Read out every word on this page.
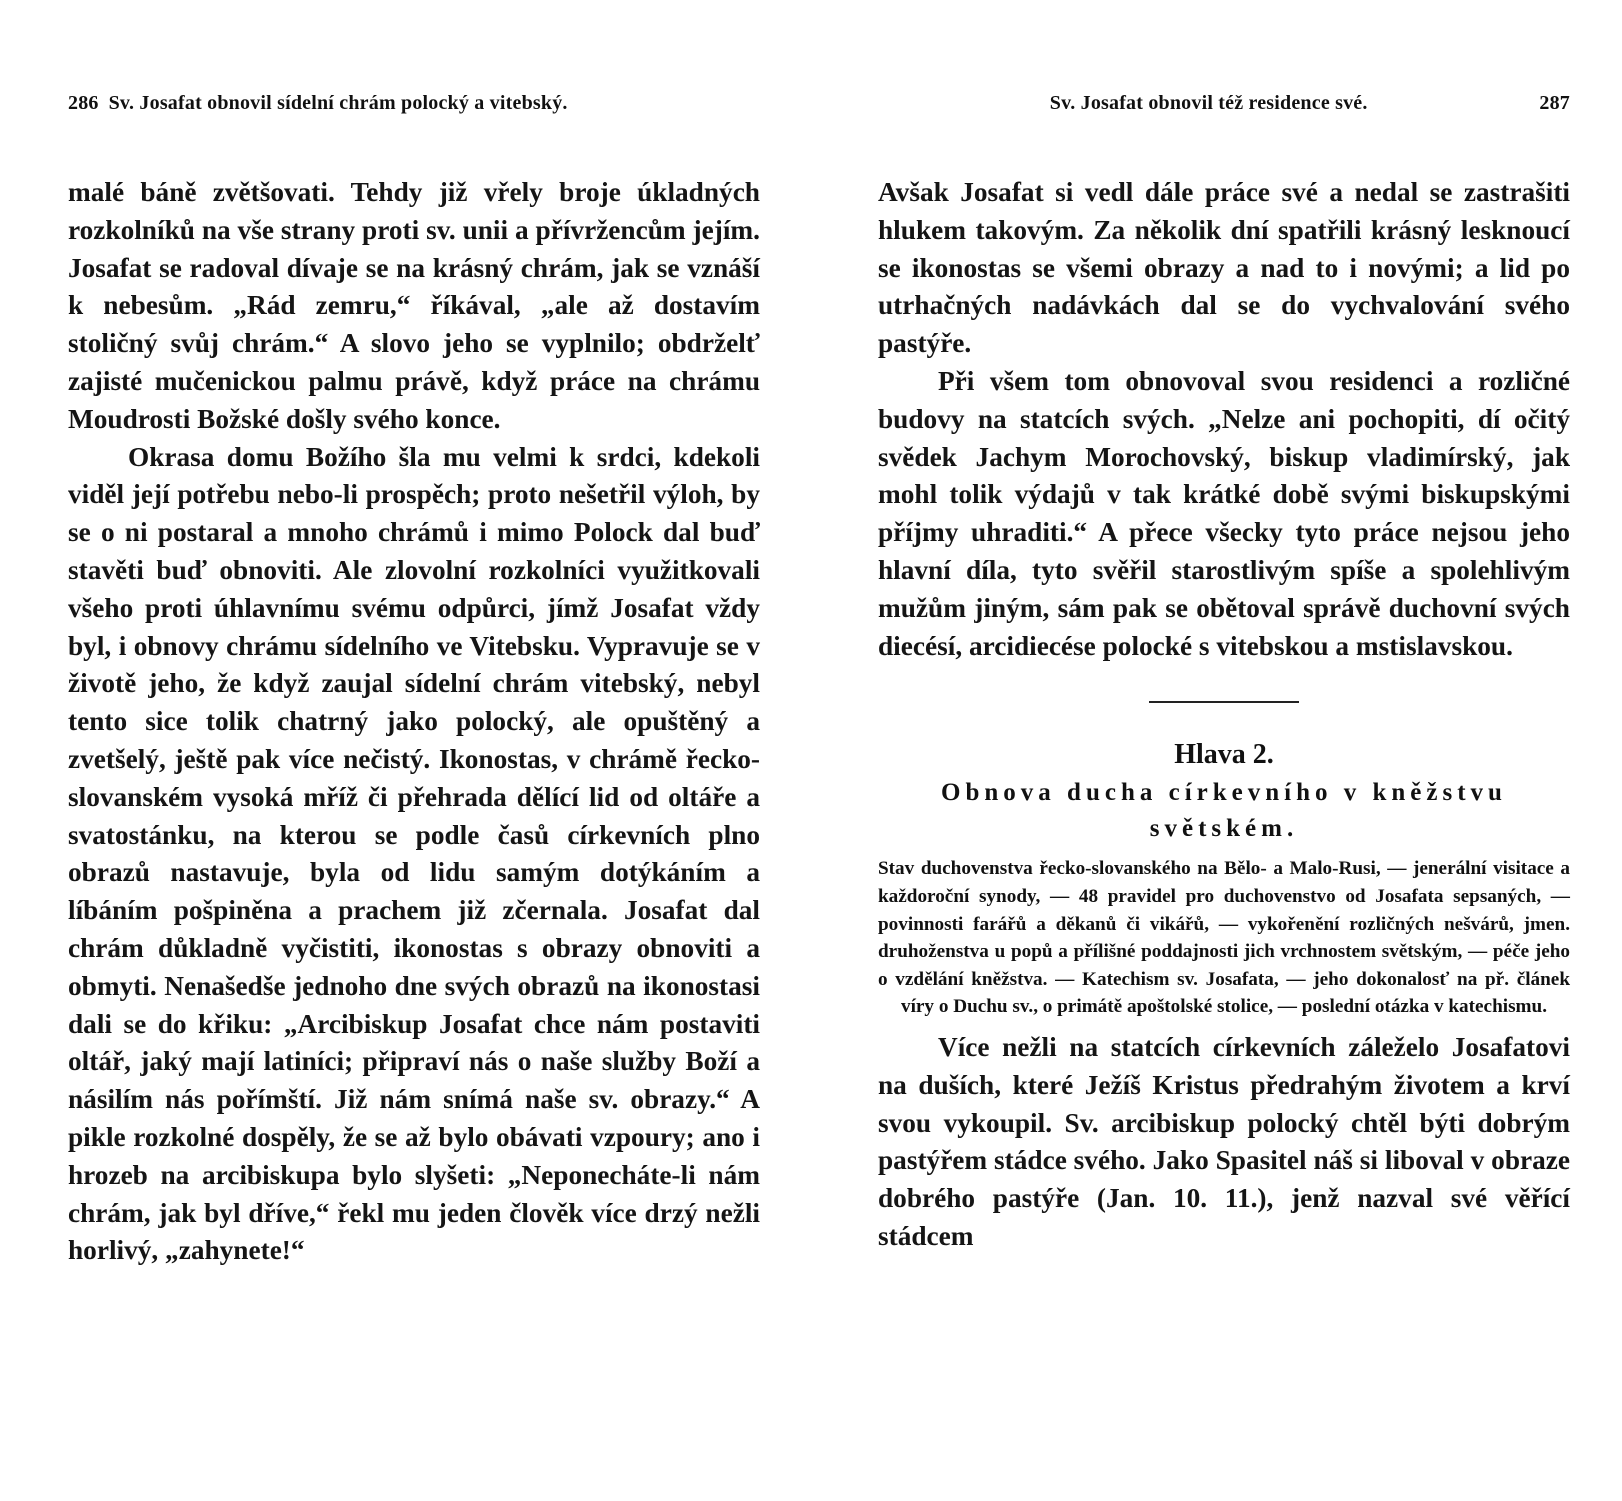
286 Sv. Josafat obnovil sídelní chrám polocký a vitebský.

malé báně zvětšovati. Tehdy již vřely broje úkladných rozkolníků na vše strany proti sv. unii a přívržencům jejím. Josafat se radoval dívaje se na krásný chrám, jak se vznáší k nebesům. „Rád zemru,“ říkával, „ale až dostavím stoličný svůj chrám.“ A slovo jeho se vyplnilo; obdrželť zajisté mučenickou palmu právě, když práce na chrámu Moudrosti Božské došly svého konce.

Okrasa domu Božího šla mu velmi k srdci, kdekoli viděl její potřebu nebo-li prospěch; proto nešetřil výloh, by se o ni postaral a mnoho chrámů i mimo Polock dal buď stavěti buď obnoviti. Ale zlovolní rozkolníci využitkovali všeho proti úhlavnímu svému odpůrci, jímž Josafat vždy byl, i obnovy chrámu sídelního ve Vitebsku. Vypravuje se v životě jeho, že když zaujal sídelní chrám vitebský, nebyl tento sice tolik chatrný jako polocký, ale opuštěný a zvetšelý, ještě pak více nečistý. Ikonostas, v chrámě řecko-slovanském vysoká mříž či přehrada dělící lid od oltáře a svatostánku, na kterou se podle časů církevních plno obrazů nastavuje, byla od lidu samým dotýkáním a líbáním pošpiněna a prachem již zčernala. Josafat dal chrám důkladně vyčistiti, ikonostas s obrazy obnoviti a obmyti. Nenašedše jednoho dne svých obrazů na ikonostasi dali se do křiku: „Arcibiskup Josafat chce nám postaviti oltář, jaký mají latiníci; připraví nás o naše služby Boží a násilím nás pořímští. Již nám snímá naše sv. obrazy.“ A pikle rozkolné dospěly, že se až bylo obávati vzpoury; ano i hrozeb na arcibiskupa bylo slyšeti: „Neponecháte-li nám chrám, jak byl dříve,“ řekl mu jeden člověk více drzý nežli horlivý, „zahynete!“

Sv. Josafat obnovil též residence své.	287

Avšak Josafat si vedl dále práce své a nedal se zastrašiti hlukem takovým. Za několik dní spatřili krásný lesknoucí se ikonostas se všemi obrazy a nad to i novými; a lid po utrhačných nadávkách dal se do vychvalování svého pastýře.

Při všem tom obnovoval svou residenci a rozličné budovy na statcích svých. „Nelze ani pochopiti, dí očitý svědek Jachym Morochovský, biskup vladimírský, jak mohl tolik výdajů v tak krátké době svými biskupskými příjmy uhraditi.“ A přece všecky tyto práce nejsou jeho hlavní díla, tyto svěřil starostlivým spíše a spolehlivým mužům jiným, sám pak se obětoval správě duchovní svých diecésí, arcidiecése polocké s vitebskou a mstislavskou.

Hlava 2.
Obnova ducha církevního v kněžstvu světském.

Stav duchovenstva řecko-slovanského na Bělo- a Malo-Rusi, — jenerální visitace a každoroční synody, — 48 pravidel pro duchovenstvo od Josafata sepsaných, — povinnosti farářů a děkanů či vikářů, — vykořenění rozličných nešvárů, jmen. druhoženstva u popů a přílišné poddajnosti jich vrchnostem světským, — péče jeho o vzdělání kněžstva. — Katechism sv. Josafata, — jeho dokonalosť na př. článek víry o Duchu sv., o primátě apoštolské stolice, — poslední otázka v katechismu.

Více nežli na statcích církevních záleželo Josafatovi na duších, které Ježíš Kristus předrahým životem a krví svou vykoupil. Sv. arcibiskup polocký chtěl býti dobrým pastýřem stádce svého. Jako Spasitel náš si liboval v obraze dobrého pastýře (Jan. 10. 11.), jenž nazval své věřící stádcem
